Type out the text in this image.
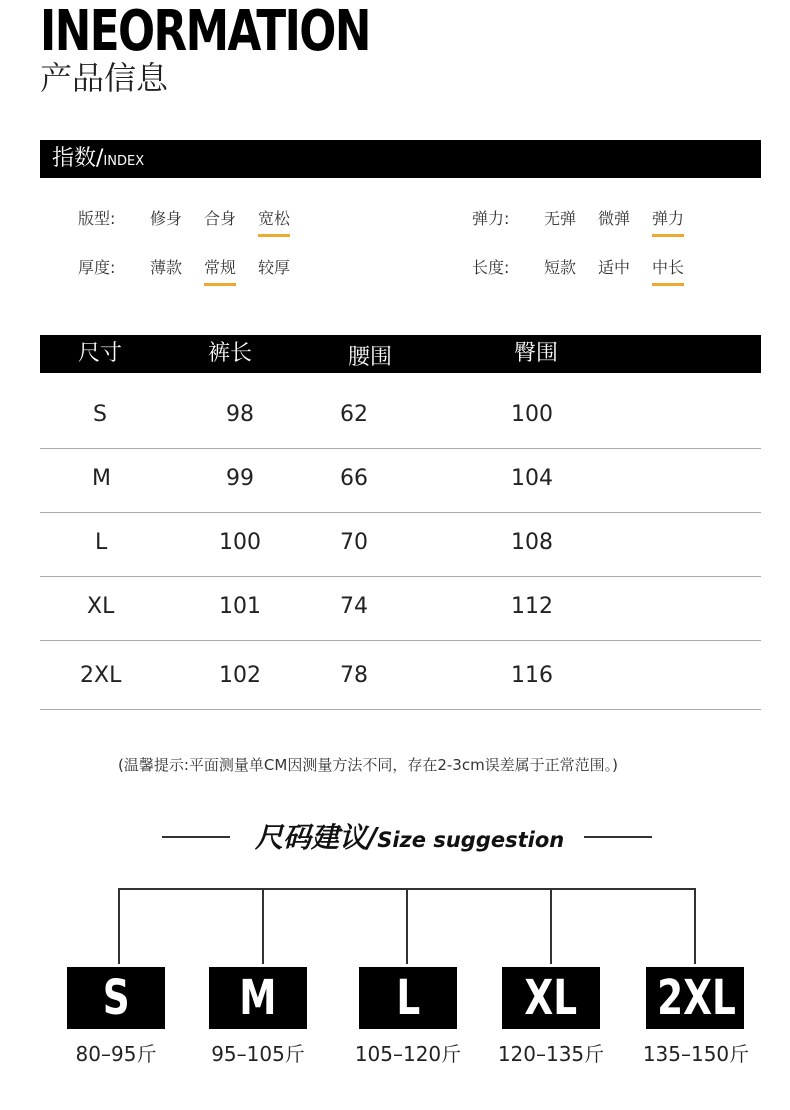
INEORMATION
产品信息
指数/INDEX
版型: 修身 合身 宽松	弹力: 无弹 微弹 弹力
厚度: 薄款 常规 较厚	长度: 短款 适中 中长
尺寸	裤长	腰围	臀围
S	98	62	100
M	99	66	104
L	100	70	108
XL	101	74	112
2XL	102	78	116
(温馨提示:平面测量单CM因测量方法不同，存在2-3cm误差属于正常范围。)
尺码建议/Size suggestion
S	M	L	XL	2XL
80–95斤	95–105斤	105–120斤	120–135斤	135–150斤
